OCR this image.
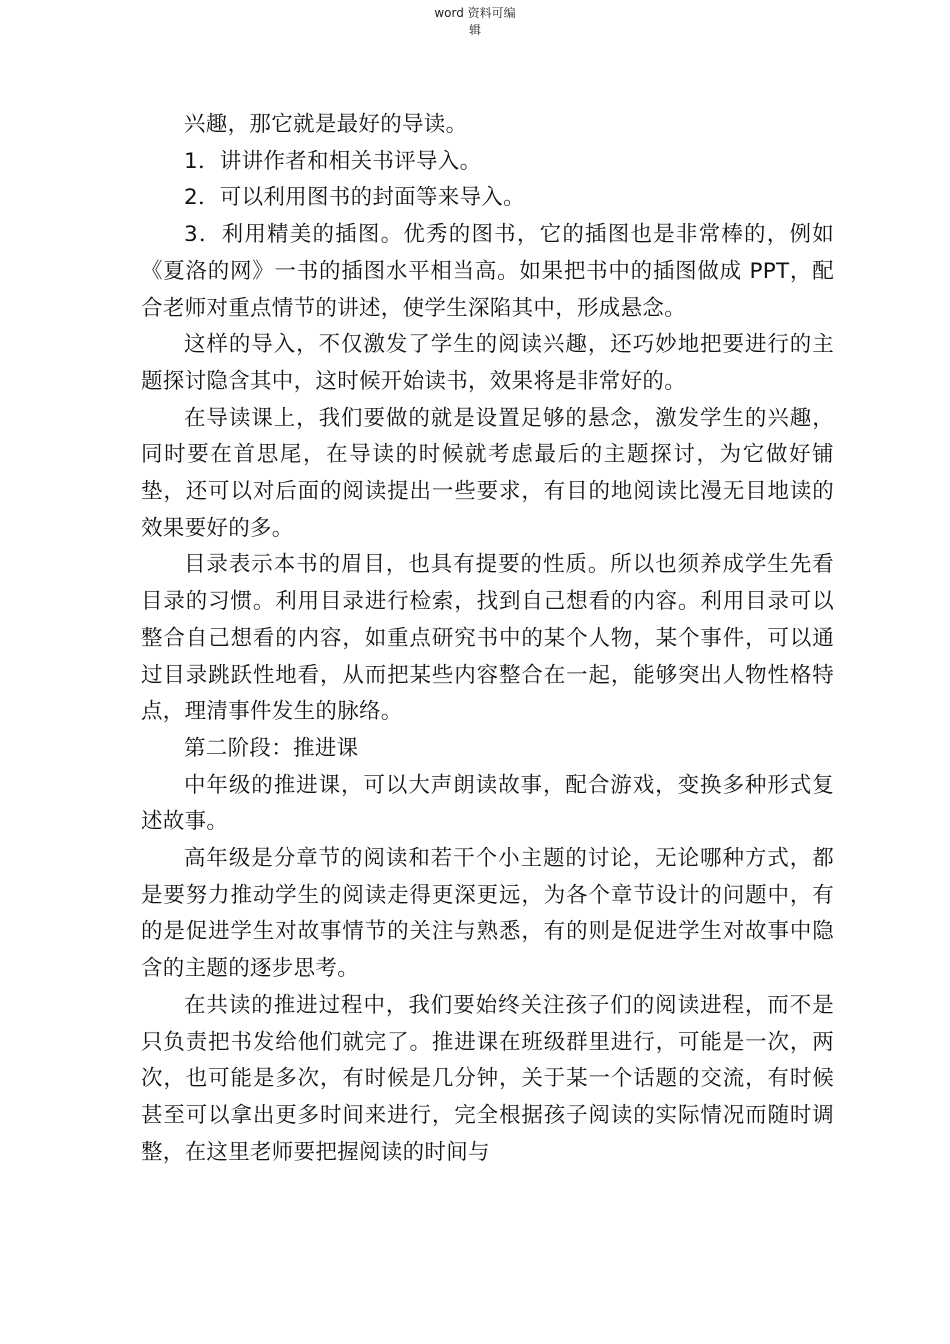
word 资料可编
辑

兴趣，那它就是最好的导读。

1．讲讲作者和相关书评导入。

2．可以利用图书的封面等来导入。

3．利用精美的插图。优秀的图书，它的插图也是非常棒的，例如《夏洛的网》一书的插图水平相当高。如果把书中的插图做成 PPT，配合老师对重点情节的讲述，使学生深陷其中，形成悬念。

这样的导入，不仅激发了学生的阅读兴趣，还巧妙地把要进行的主题探讨隐含其中，这时候开始读书，效果将是非常好的。

在导读课上，我们要做的就是设置足够的悬念，激发学生的兴趣，同时要在首思尾，在导读的时候就考虑最后的主题探讨，为它做好铺垫，还可以对后面的阅读提出一些要求，有目的地阅读比漫无目地读的效果要好的多。

目录表示本书的眉目，也具有提要的性质。所以也须养成学生先看目录的习惯。利用目录进行检索，找到自己想看的内容。利用目录可以整合自己想看的内容，如重点研究书中的某个人物，某个事件，可以通过目录跳跃性地看，从而把某些内容整合在一起，能够突出人物性格特点，理清事件发生的脉络。

第二阶段：推进课

中年级的推进课，可以大声朗读故事，配合游戏，变换多种形式复述故事。

高年级是分章节的阅读和若干个小主题的讨论，无论哪种方式，都是要努力推动学生的阅读走得更深更远，为各个章节设计的问题中，有的是促进学生对故事情节的关注与熟悉，有的则是促进学生对故事中隐含的主题的逐步思考。

在共读的推进过程中，我们要始终关注孩子们的阅读进程，而不是只负责把书发给他们就完了。推进课在班级群里进行，可能是一次，两次，也可能是多次，有时候是几分钟，关于某一个话题的交流，有时候甚至可以拿出更多时间来进行，完全根据孩子阅读的实际情况而随时调整，在这里老师要把握阅读的时间与
